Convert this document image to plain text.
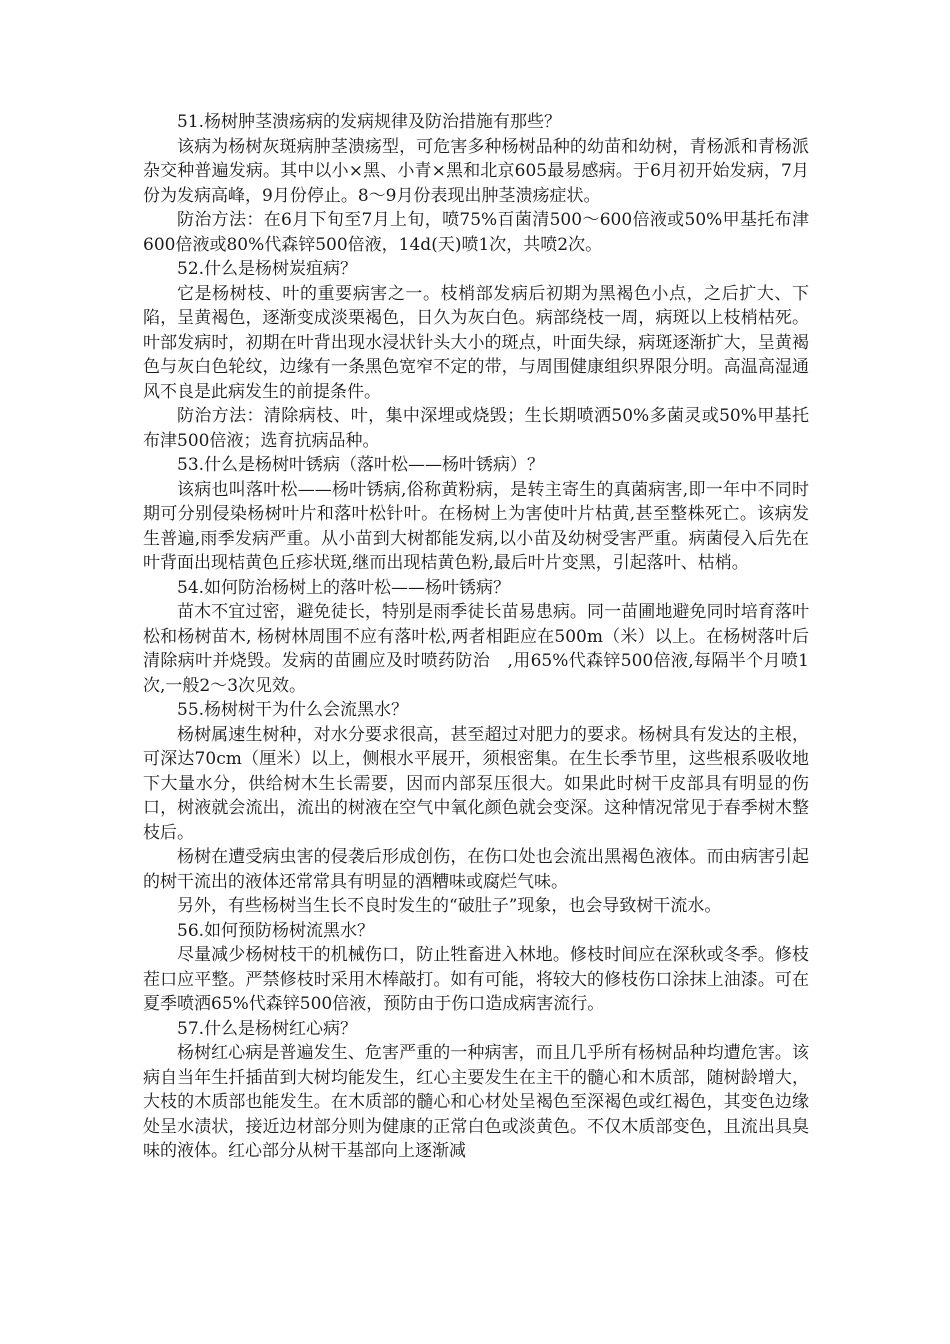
51.杨树肿茎溃疡病的发病规律及防治措施有那些？

该病为杨树灰斑病肿茎溃疡型，可危害多种杨树品种的幼苗和幼树，青杨派和青杨派杂交种普遍发病。其中以小×黑、小青×黑和北京605最易感病。于6月初开始发病，7月份为发病高峰，9月份停止。8～9月份表现出肿茎溃疡症状。

防治方法：在6月下旬至7月上旬，喷75%百菌清500～600倍液或50%甲基托布津600倍液或80%代森锌500倍液，14d(天)喷1次，共喷2次。

52.什么是杨树炭疽病？

它是杨树枝、叶的重要病害之一。枝梢部发病后初期为黑褐色小点，之后扩大、下陷，呈黄褐色，逐渐变成淡栗褐色，日久为灰白色。病部绕枝一周，病斑以上枝梢枯死。叶部发病时，初期在叶背出现水浸状针头大小的斑点，叶面失绿，病斑逐渐扩大，呈黄褐色与灰白色轮纹，边缘有一条黑色宽窄不定的带，与周围健康组织界限分明。高温高湿通风不良是此病发生的前提条件。

防治方法：清除病枝、叶，集中深埋或烧毁；生长期喷洒50%多菌灵或50%甲基托布津500倍液；选育抗病品种。

53.什么是杨树叶锈病（落叶松——杨叶锈病）？

该病也叫落叶松——杨叶锈病,俗称黄粉病，是转主寄生的真菌病害,即一年中不同时期可分别侵染杨树叶片和落叶松针叶。在杨树上为害使叶片枯黄,甚至整株死亡。该病发生普遍,雨季发病严重。从小苗到大树都能发病,以小苗及幼树受害严重。病菌侵入后先在叶背面出现桔黄色丘疹状斑,继而出现桔黄色粉,最后叶片变黑，引起落叶、枯梢。

54.如何防治杨树上的落叶松——杨叶锈病？

苗木不宜过密，避免徒长，特别是雨季徒长苗易患病。同一苗圃地避免同时培育落叶松和杨树苗木, 杨树林周围不应有落叶松,两者相距应在500m（米）以上。在杨树落叶后清除病叶并烧毁。发病的苗圃应及时喷药防治　,用65%代森锌500倍液,每隔半个月喷1次,一般2～3次见效。

55.杨树树干为什么会流黑水？

杨树属速生树种，对水分要求很高，甚至超过对肥力的要求。杨树具有发达的主根，可深达70cm（厘米）以上，侧根水平展开，须根密集。在生长季节里，这些根系吸收地下大量水分，供给树木生长需要，因而内部泵压很大。如果此时树干皮部具有明显的伤口，树液就会流出，流出的树液在空气中氧化颜色就会变深。这种情况常见于春季树木整枝后。

杨树在遭受病虫害的侵袭后形成创伤，在伤口处也会流出黑褐色液体。而由病害引起的树干流出的液体还常常具有明显的酒糟味或腐烂气味。

另外，有些杨树当生长不良时发生的“破肚子”现象，也会导致树干流水。

56.如何预防杨树流黑水？

尽量减少杨树枝干的机械伤口，防止牲畜进入林地。修枝时间应在深秋或冬季。修枝茬口应平整。严禁修枝时采用木棒敲打。如有可能，将较大的修枝伤口涂抹上油漆。可在夏季喷洒65%代森锌500倍液，预防由于伤口造成病害流行。

57.什么是杨树红心病？

杨树红心病是普遍发生、危害严重的一种病害，而且几乎所有杨树品种均遭危害。该病自当年生扦插苗到大树均能发生，红心主要发生在主干的髓心和木质部，随树龄增大，大枝的木质部也能发生。在木质部的髓心和心材处呈褐色至深褐色或红褐色，其变色边缘处呈水渍状，接近边材部分则为健康的正常白色或淡黄色。不仅木质部变色，且流出具臭味的液体。红心部分从树干基部向上逐渐减
